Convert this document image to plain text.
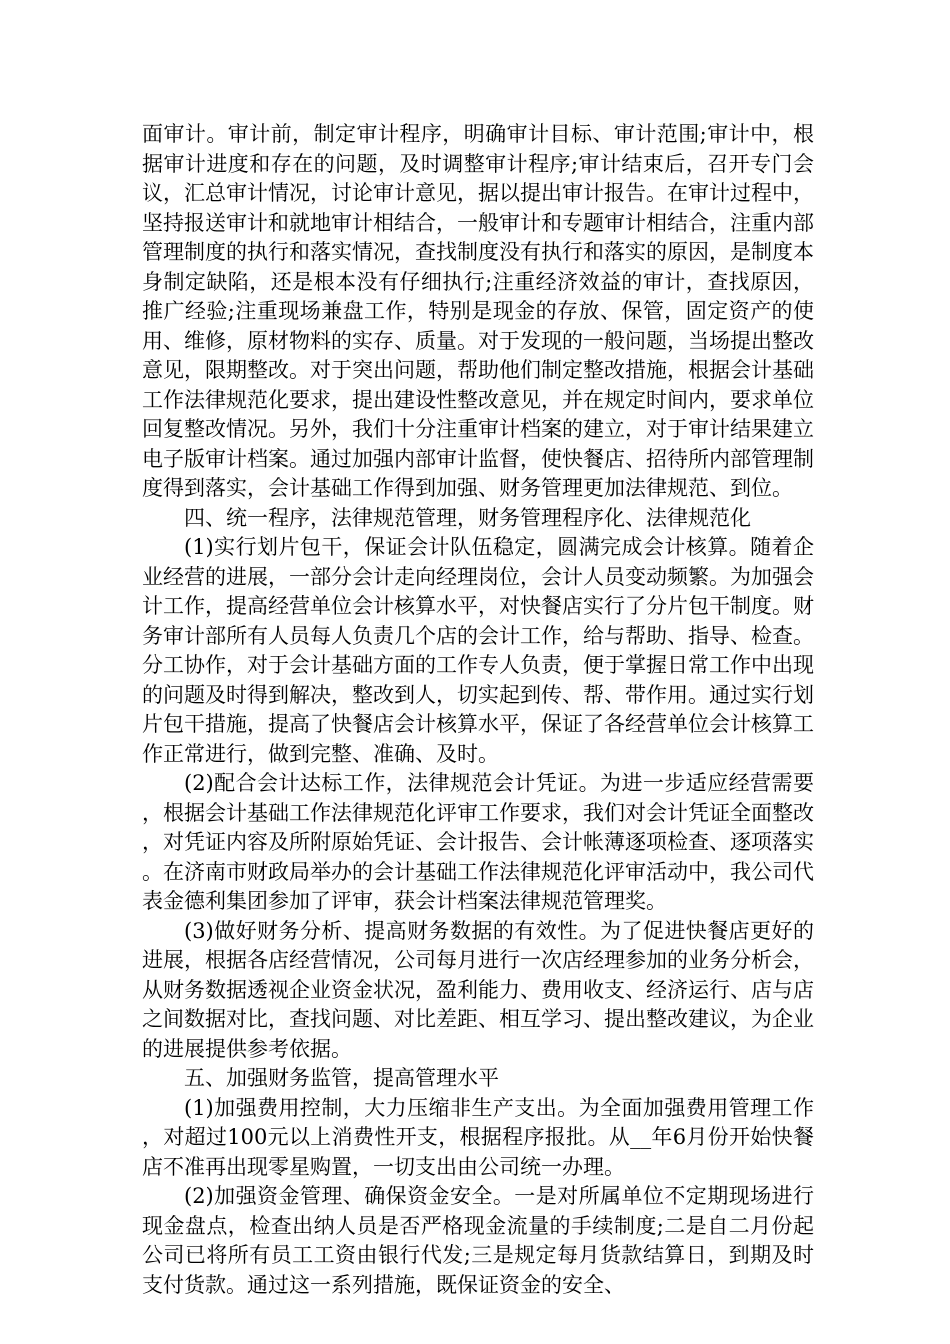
面审计。审计前，制定审计程序，明确审计目标、审计范围;审计中，根据审计进度和存在的问题，及时调整审计程序;审计结束后，召开专门会议，汇总审计情况，讨论审计意见，据以提出审计报告。在审计过程中，坚持报送审计和就地审计相结合，一般审计和专题审计相结合，注重内部管理制度的执行和落实情况，查找制度没有执行和落实的原因，是制度本身制定缺陷，还是根本没有仔细执行;注重经济效益的审计，查找原因，推广经验;注重现场兼盘工作，特别是现金的存放、保管，固定资产的使用、维修，原材物料的实存、质量。对于发现的一般问题，当场提出整改意见，限期整改。对于突出问题，帮助他们制定整改措施，根据会计基础工作法律规范化要求，提出建设性整改意见，并在规定时间内，要求单位回复整改情况。另外，我们十分注重审计档案的建立，对于审计结果建立电子版审计档案。通过加强内部审计监督，使快餐店、招待所内部管理制度得到落实，会计基础工作得到加强、财务管理更加法律规范、到位。

四、统一程序，法律规范管理，财务管理程序化、法律规范化

(1)实行划片包干，保证会计队伍稳定，圆满完成会计核算。随着企业经营的进展，一部分会计走向经理岗位，会计人员变动频繁。为加强会计工作，提高经营单位会计核算水平，对快餐店实行了分片包干制度。财务审计部所有人员每人负责几个店的会计工作，给与帮助、指导、检查。分工协作，对于会计基础方面的工作专人负责，便于掌握日常工作中出现的问题及时得到解决，整改到人，切实起到传、帮、带作用。通过实行划片包干措施，提高了快餐店会计核算水平，保证了各经营单位会计核算工作正常进行，做到完整、准确、及时。

(2)配合会计达标工作，法律规范会计凭证。为进一步适应经营需要，根据会计基础工作法律规范化评审工作要求，我们对会计凭证全面整改，对凭证内容及所附原始凭证、会计报告、会计帐薄逐项检查、逐项落实。在济南市财政局举办的会计基础工作法律规范化评审活动中，我公司代表金德利集团参加了评审，获会计档案法律规范管理奖。

(3)做好财务分析、提高财务数据的有效性。为了促进快餐店更好的进展，根据各店经营情况，公司每月进行一次店经理参加的业务分析会，从财务数据透视企业资金状况，盈利能力、费用收支、经济运行、店与店之间数据对比，查找问题、对比差距、相互学习、提出整改建议，为企业的进展提供参考依据。

五、加强财务监管，提高管理水平

(1)加强费用控制，大力压缩非生产支出。为全面加强费用管理工作，对超过100元以上消费性开支，根据程序报批。从__年6月份开始快餐店不准再出现零星购置，一切支出由公司统一办理。

(2)加强资金管理、确保资金安全。一是对所属单位不定期现场进行现金盘点，检查出纳人员是否严格现金流量的手续制度;二是自二月份起公司已将所有员工工资由银行代发;三是规定每月货款结算日，到期及时支付货款。通过这一系列措施，既保证资金的安全、
